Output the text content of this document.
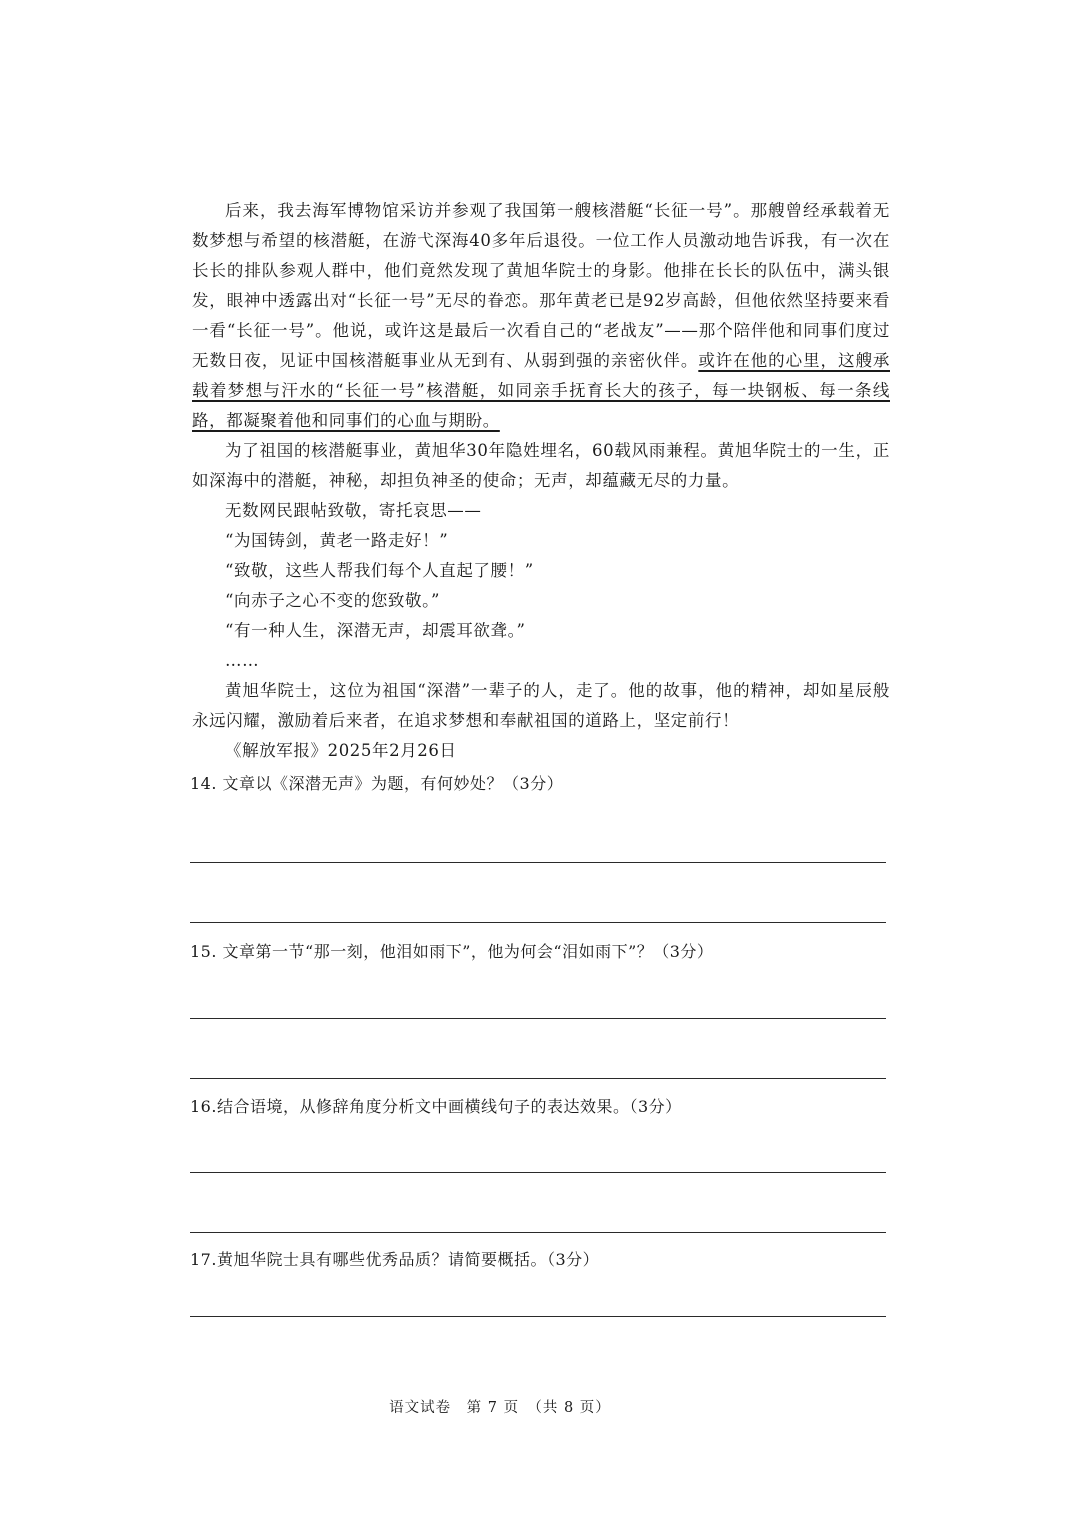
后来，我去海军博物馆采访并参观了我国第一艘核潜艇“长征一号”。那艘曾经承载着无数梦想与希望的核潜艇，在游弋深海40多年后退役。一位工作人员激动地告诉我，有一次在长长的排队参观人群中，他们竟然发现了黄旭华院士的身影。他排在长长的队伍中，满头银发，眼神中透露出对“长征一号”无尽的眷恋。那年黄老已是92岁高龄，但他依然坚持要来看一看“长征一号”。他说，或许这是最后一次看自己的“老战友”——那个陪伴他和同事们度过无数日夜，见证中国核潜艇事业从无到有、从弱到强的亲密伙伴。或许在他的心里，这艘承载着梦想与汗水的“长征一号”核潜艇，如同亲手抚育长大的孩子，每一块钢板、每一条线路，都凝聚着他和同事们的心血与期盼。

为了祖国的核潜艇事业，黄旭华30年隐姓埋名，60载风雨兼程。黄旭华院士的一生，正如深海中的潜艇，神秘，却担负神圣的使命；无声，却蕴藏无尽的力量。

无数网民跟帖致敬，寄托哀思——

“为国铸剑，黄老一路走好！”

“致敬，这些人帮我们每个人直起了腰！”

“向赤子之心不变的您致敬。”

“有一种人生，深潜无声，却震耳欲聋。”

……

黄旭华院士，这位为祖国“深潜”一辈子的人，走了。他的故事，他的精神，却如星辰般永远闪耀，激励着后来者，在追求梦想和奉献祖国的道路上，坚定前行！

《解放军报》2025年2月26日

14. 文章以《深潜无声》为题，有何妙处？（3分）
15. 文章第一节“那一刻，他泪如雨下”，他为何会“泪如雨下”？（3分）
16.结合语境，从修辞角度分析文中画横线句子的表达效果。（3分）
17.黄旭华院士具有哪些优秀品质？请简要概括。（3分）
语文试卷　第 7 页　（共 8 页）
